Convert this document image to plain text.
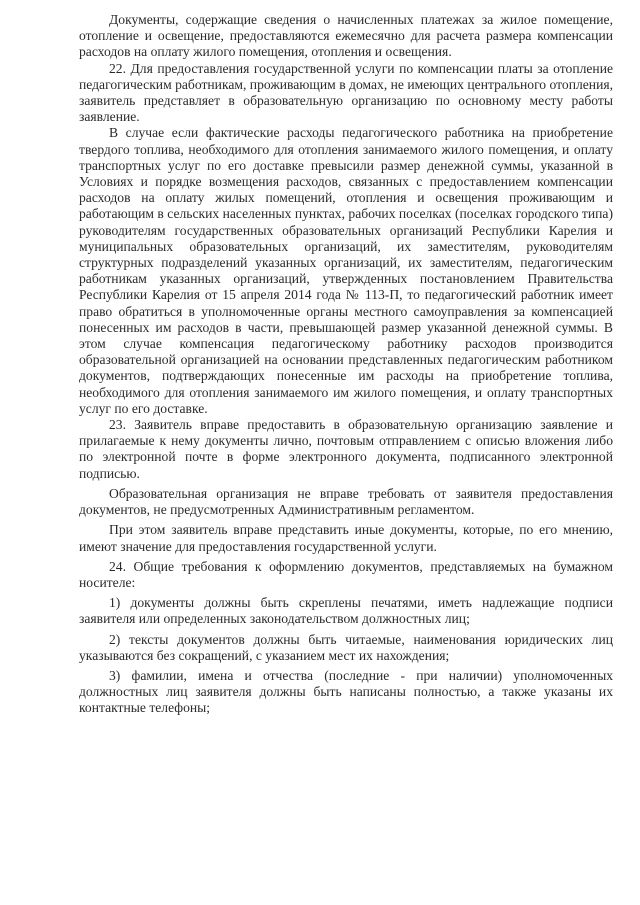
Документы, содержащие сведения о начисленных платежах за жилое помещение, отопление и освещение, предоставляются ежемесячно для расчета размера компенсации расходов на оплату жилого помещения, отопления и освещения.

22. Для предоставления государственной услуги по компенсации платы за отопление педагогическим работникам, проживающим в домах, не имеющих центрального отопления, заявитель представляет в образовательную организацию по основному месту работы заявление.

В случае если фактические расходы педагогического работника на приобретение твердого топлива, необходимого для отопления занимаемого жилого помещения, и оплату транспортных услуг по его доставке превысили размер денежной суммы, указанной в Условиях и порядке возмещения расходов, связанных с предоставлением компенсации расходов на оплату жилых помещений, отопления и освещения проживающим и работающим в сельских населенных пунктах, рабочих поселках (поселках городского типа) руководителям государственных образовательных организаций Республики Карелия и муниципальных образовательных организаций, их заместителям, руководителям структурных подразделений указанных организаций, их заместителям, педагогическим работникам указанных организаций, утвержденных постановлением Правительства Республики Карелия от 15 апреля 2014 года № 113-П, то педагогический работник имеет право обратиться в уполномоченные органы местного самоуправления за компенсацией понесенных им расходов в части, превышающей размер указанной денежной суммы. В этом случае компенсация педагогическому работнику расходов производится образовательной организацией на основании представленных педагогическим работником документов, подтверждающих понесенные им расходы на приобретение топлива, необходимого для отопления занимаемого им жилого помещения, и оплату транспортных услуг по его доставке.

23. Заявитель вправе предоставить в образовательную организацию заявление и прилагаемые к нему документы лично, почтовым отправлением с описью вложения либо по электронной почте в форме электронного документа, подписанного электронной подписью.

Образовательная организация не вправе требовать от заявителя предоставления документов, не предусмотренных Административным регламентом.

При этом заявитель вправе представить иные документы, которые, по его мнению, имеют значение для предоставления государственной услуги.

24. Общие требования к оформлению документов, представляемых на бумажном носителе:

1) документы должны быть скреплены печатями, иметь надлежащие подписи заявителя или определенных законодательством должностных лиц;

2) тексты документов должны быть читаемые, наименования юридических лиц указываются без сокращений, с указанием мест их нахождения;

3) фамилии, имена и отчества (последние - при наличии) уполномоченных должностных лиц заявителя должны быть написаны полностью, а также указаны их контактные телефоны;
